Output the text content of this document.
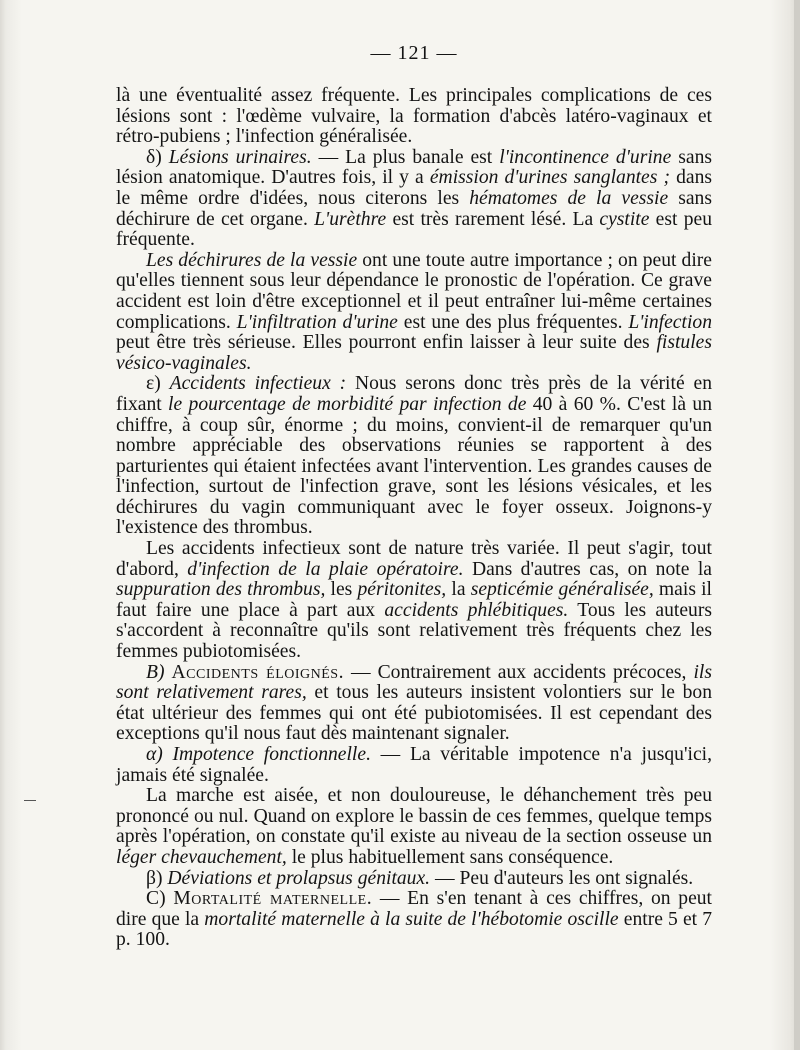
— 121 —

là une éventualité assez fréquente. Les principales complications de ces lésions sont : l'œdème vulvaire, la formation d'abcès latéro-vaginaux et rétro-pubiens ; l'infection généralisée.

δ) Lésions urinaires. — La plus banale est l'incontinence d'urine sans lésion anatomique. D'autres fois, il y a émission d'urines sanglantes ; dans le même ordre d'idées, nous citerons les hématomes de la vessie sans déchirure de cet organe. L'urèthre est très rarement lésé. La cystite est peu fréquente.

Les déchirures de la vessie ont une toute autre importance ; on peut dire qu'elles tiennent sous leur dépendance le pronostic de l'opération. Ce grave accident est loin d'être exceptionnel et il peut entraîner lui-même certaines complications. L'infiltration d'urine est une des plus fréquentes. L'infection peut être très sérieuse. Elles pourront enfin laisser à leur suite des fistules vésico-vaginales.

ε) Accidents infectieux : Nous serons donc très près de la vérité en fixant le pourcentage de morbidité par infection de 40 à 60 %. C'est là un chiffre, à coup sûr, énorme ; du moins, convient-il de remarquer qu'un nombre appréciable des observations réunies se rapportent à des parturientes qui étaient infectées avant l'intervention. Les grandes causes de l'infection, surtout de l'infection grave, sont les lésions vésicales, et les déchirures du vagin communiquant avec le foyer osseux. Joignons-y l'existence des thrombus.

Les accidents infectieux sont de nature très variée. Il peut s'agir, tout d'abord, d'infection de la plaie opératoire. Dans d'autres cas, on note la suppuration des thrombus, les péritonites, la septicémie généralisée, mais il faut faire une place à part aux accidents phlébitiques. Tous les auteurs s'accordent à reconnaître qu'ils sont relativement très fréquents chez les femmes pubiotomisées.

B) Accidents éloignés. — Contrairement aux accidents précoces, ils sont relativement rares, et tous les auteurs insistent volontiers sur le bon état ultérieur des femmes qui ont été pubiotomisées. Il est cependant des exceptions qu'il nous faut dès maintenant signaler.

α) Impotence fonctionnelle. — La véritable impotence n'a jusqu'ici, jamais été signalée.

La marche est aisée, et non douloureuse, le déhanchement très peu prononcé ou nul. Quand on explore le bassin de ces femmes, quelque temps après l'opération, on constate qu'il existe au niveau de la section osseuse un léger chevauchement, le plus habituellement sans conséquence.

β) Déviations et prolapsus génitaux. — Peu d'auteurs les ont signalés.

C) Mortalité maternelle. — En s'en tenant à ces chiffres, on peut dire que la mortalité maternelle à la suite de l'hébotomie oscille entre 5 et 7 p. 100.
